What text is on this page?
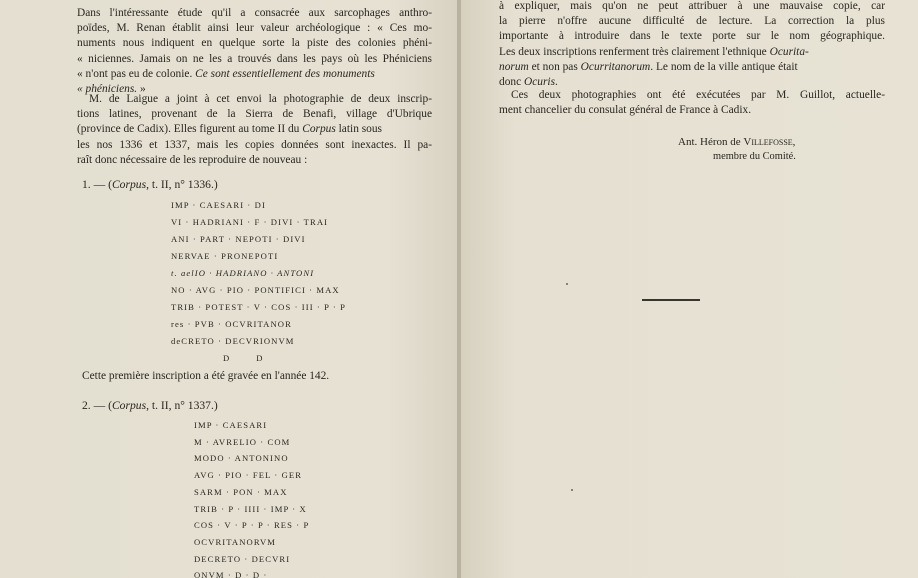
Dans l'intéressante étude qu'il a consacrée aux sarcophages anthro-
poïdes, M. Renan établit ainsi leur valeur archéologique : « Ces mo-
numents nous indiquent en quelque sorte la piste des colonies phéni-
« niciennes. Jamais on ne les a trouvés dans les pays où les Phéniciens
« n'ont pas eu de colonie. Ce sont essentiellement des monuments
« phéniciens. »

M. de Laigue a joint à cet envoi la photographie de deux inscrip-
tions latines, provenant de la Sierra de Benafi, village d'Ubrique
(province de Cadix). Elles figurent au tome II du Corpus latin sous
les nos 1336 et 1337, mais les copies données sont inexactes. Il pa-
raît donc nécessaire de les reproduire de nouveau :

1. — (Corpus, t. II, n° 1336.)
IMP · CAESARI · DI
VI · HADRIANI · F · DIVI · TRAI
ANI · PART · NEPOTI · DIVI
NERVAE · PRONEPOTI
t. aelIO · HADRIANO · ANTONI
NO · AVG · PIO · PONTIFICI · MAX
TRIB · POTEST · V · COS · III · P · P
res · PVB · OCVRITANOR
deCRETO · DECVRIONVM
D        D
Cette première inscription a été gravée en l'année 142.
2. — (Corpus, t. II, n° 1337.)
IMP · CAESARI
M · AVRELIO · COM
MODO · ANTONINO
AVG · PIO · FEL · GER
SARM · PON · MAX
TRIB · P · IIII · IMP · X
COS · V · P · P · RES · P
OCVRITANORVM
DECRETO · DECVRI
ONVM · D · D ·

à expliquer, mais qu'on ne peut attribuer à une mauvaise copie, car
la pierre n'offre aucune difficulté de lecture. La correction la plus
importante à introduire dans le texte porte sur le nom géographique.
Les deux inscriptions renferment très clairement l'ethnique Ocurita-
norum et non pas Ocurritanorum. Le nom de la ville antique était
donc Ocuris.

Ces deux photographies ont été exécutées par M. Guillot, actuelle-
ment chancelier du consulat général de France à Cadix.

Ant. Héron de Villefosse,
membre du Comité.
